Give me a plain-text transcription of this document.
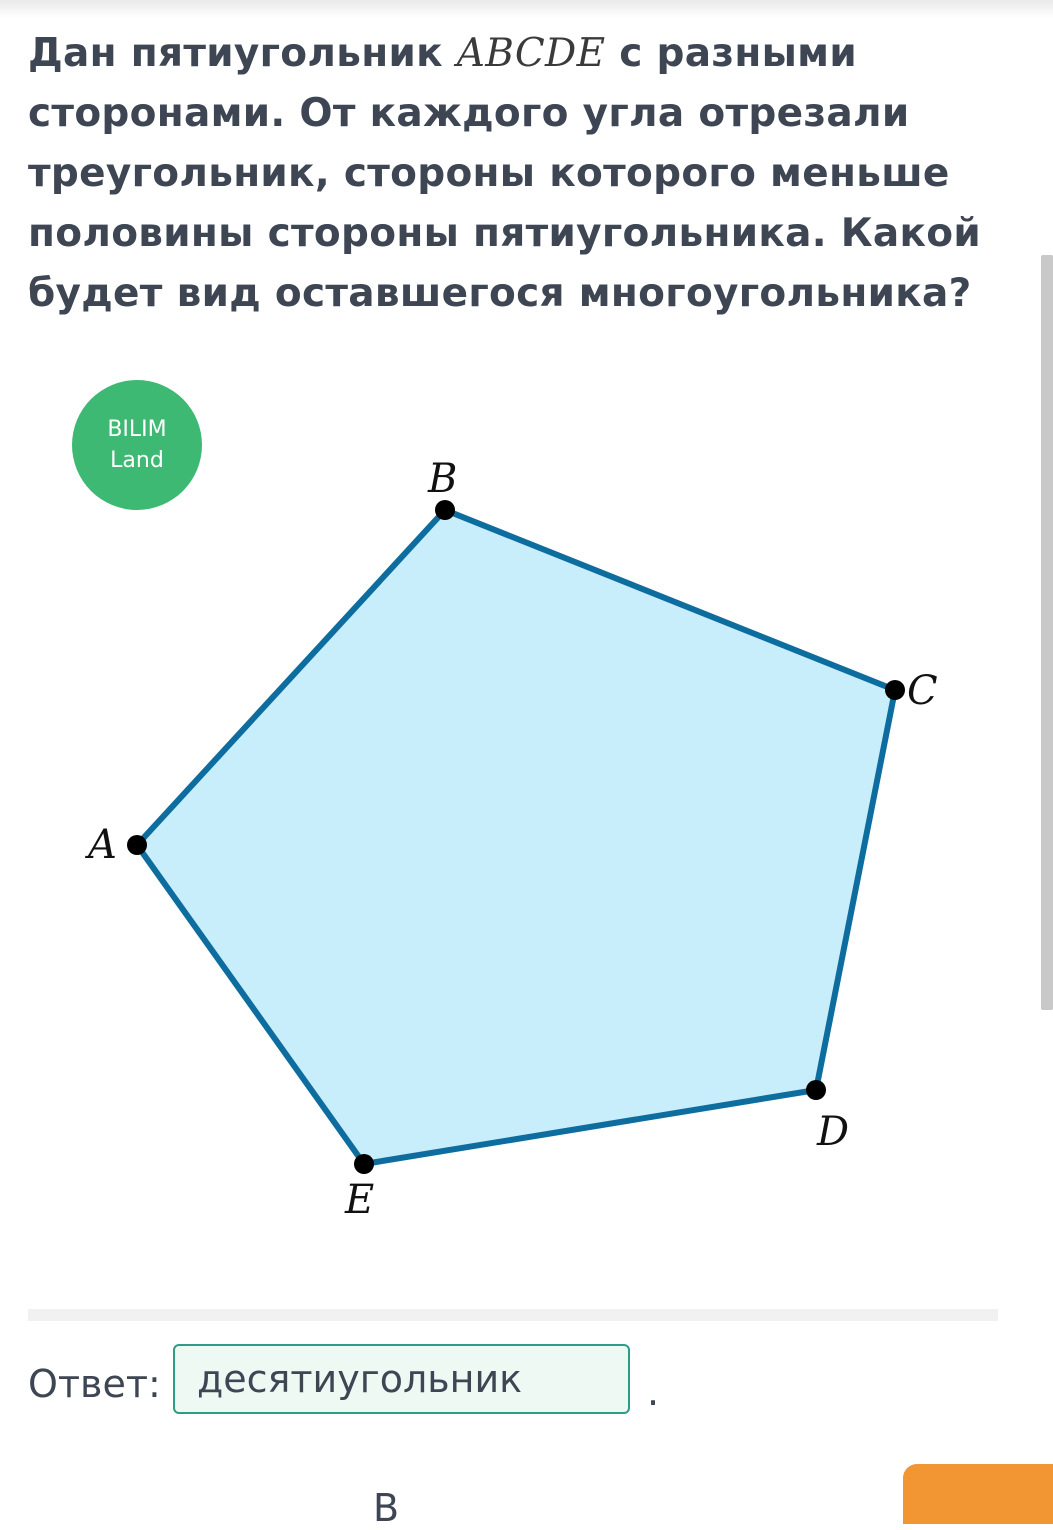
Дан пятиугольник ABCDE с разными сторонами. От каждого угла отрезали треугольник, стороны которого меньше половины стороны пятиугольника. Какой будет вид оставшегося многоугольника?

BILIM
Land
A
B
C
D
E
Ответ: десятиугольник	.
В
